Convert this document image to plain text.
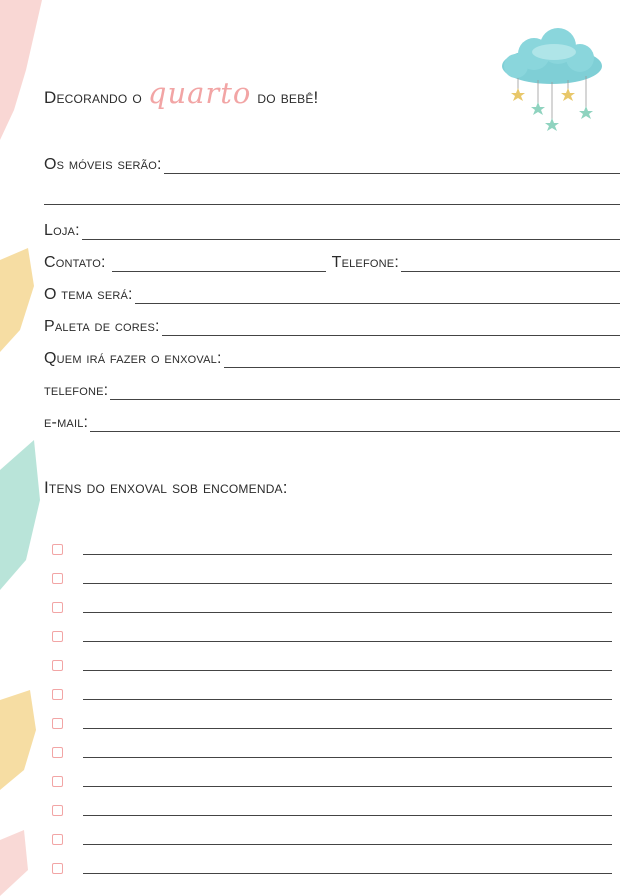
Decorando o quarto do bebê!
Os móveis serão:
Loja:
Contato:	Telefone:
O tema será:
Paleta de cores:
Quem irá fazer o enxoval:
telefone:
e-mail:
Itens do enxoval sob encomenda:
